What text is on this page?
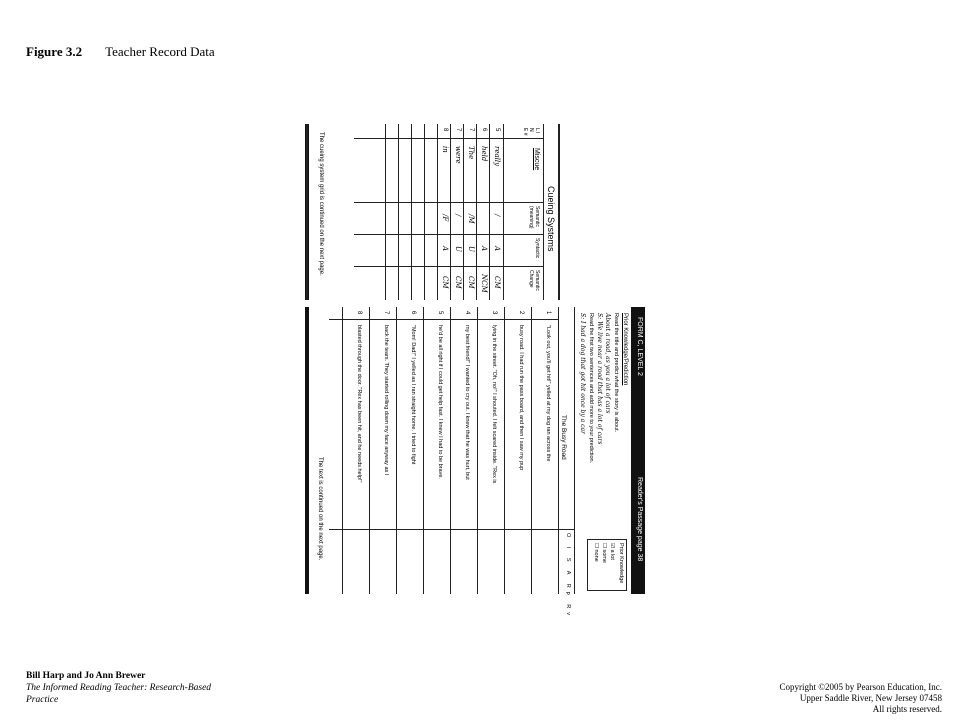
Figure 3.2 Teacher Record Data
Cueing Systems
L I N E #
Miscue
Semantic (meaning)
Syntactic
Semantic Change
5
really
/
A
CM
6
held
A
NCM
7
The
/M
U
CM
7
were
/
U
CM
8
in
/F
A
CM
The cueing system grid is continued on the next page.
FORM C, LEVEL 2
Reader's Passage page 38
Prior Knowledge/Prediction
Read the title and predict what the story is about.
About a road, as you a lot of cars
S: We live near a road that has a lot of cars
Read the first two sentences and add more to your prediction.
S: I had a dog that got hit once by a car
Prior Knowledge
☑ a lot
☐ some
☐ none
The Busy Road
O I S A Rp Rv
1
"Look out, you'll get hit!" yelled at my dog ran across the
2
busy road. I had run the pass board, and then I saw my pup
3
lying in the street. "Oh, no!" I shouted. I felt scared inside. "Rex is
4
my best friend!" I wanted to cry out. I knew that he was hurt, but
5
he'd be all right if I could get help fast. I knew I had to be brave.
6
"Mom! Dad!" I yelled as I ran straight home. I tried to fight
7
back the tears. They started rolling down my face anyway as I
8
blasted through the door. "Rex has been hit, and he needs help!"
The text is continued on the next page.
Bill Harp and Jo Ann Brewer
The Informed Reading Teacher: Research-Based Practice
Copyright ©2005 by Pearson Education, Inc.
Upper Saddle River, New Jersey 07458
All rights reserved.
